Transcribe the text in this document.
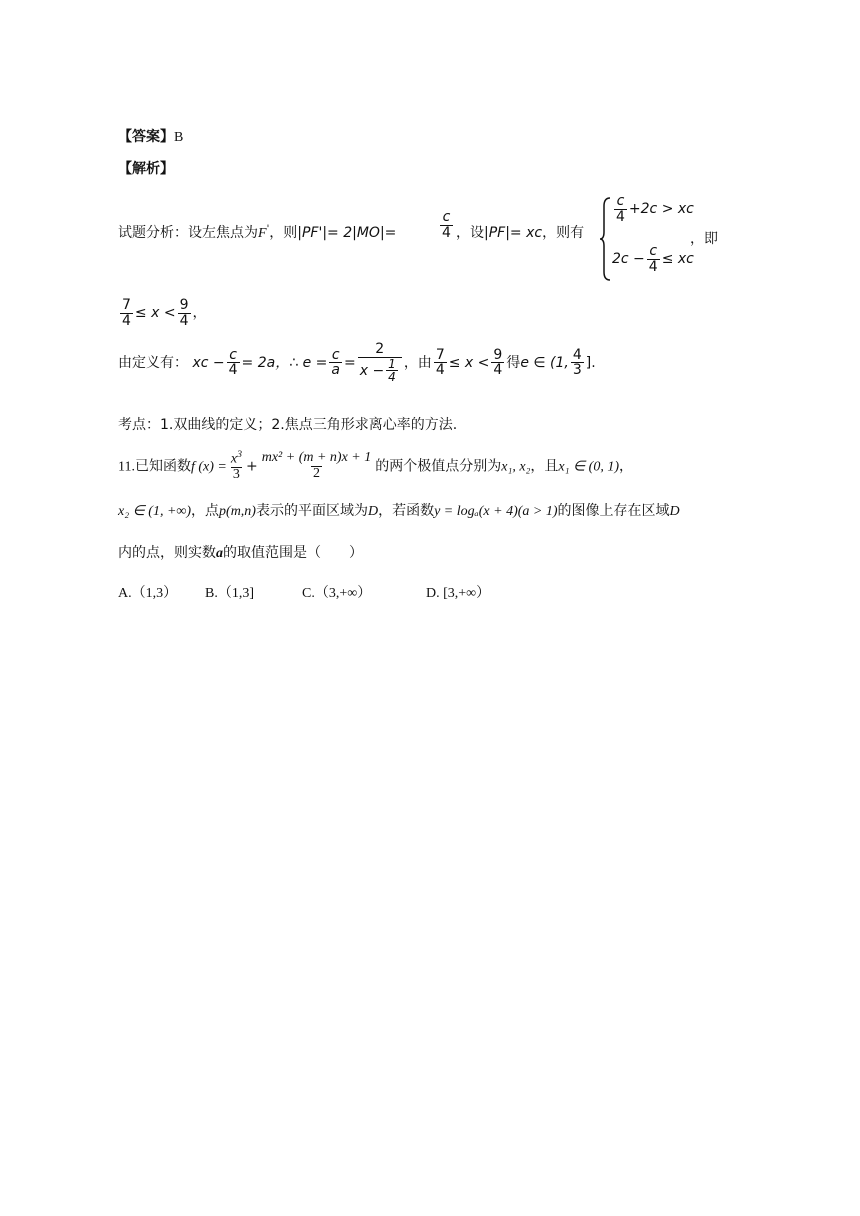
【答案】B
【解析】
试题分析：设左焦点为F'，则|PF'|= 2|MO|=	$\frac{c}{4}$ ，设|PF|= xc，则有
$\frac{c}{4} +2c$ > xc
$2c - \frac{c}{4}$ ≤ xc
，即
$\frac{7}{4} \le x < \frac{9}{4}$ ，
由定义有： xc − $\frac{c}{4} = 2a$，∴ $e = \frac{c}{a} = \frac{2}{x - \frac{1}{4}}$ ，由 $\frac{7}{4} \le x < \frac{9}{4}$ 得e ∈ (1, $\frac{4}{3}$ ].
考点：1.双曲线的定义；2.焦点三角形求离心率的方法.
11.已知函数f $(x) = \frac{x^3}{3} + \frac{\text{mx² + (m + n)x + 1}}{2}$ 的两个极值点分别为x₁, x₂，且x₁ ∈ (0, 1)，
x₂ ∈ (1, +∞)，点p(m,n)表示的平面区域为D，若函数y = logₐ(x + 4)(a > 1)的图像上存在区域D
内的点，则实数a的取值范围是（　　）
A.（1,3） B.（1,3]	C.（3,+∞）	D. [3,+∞）
